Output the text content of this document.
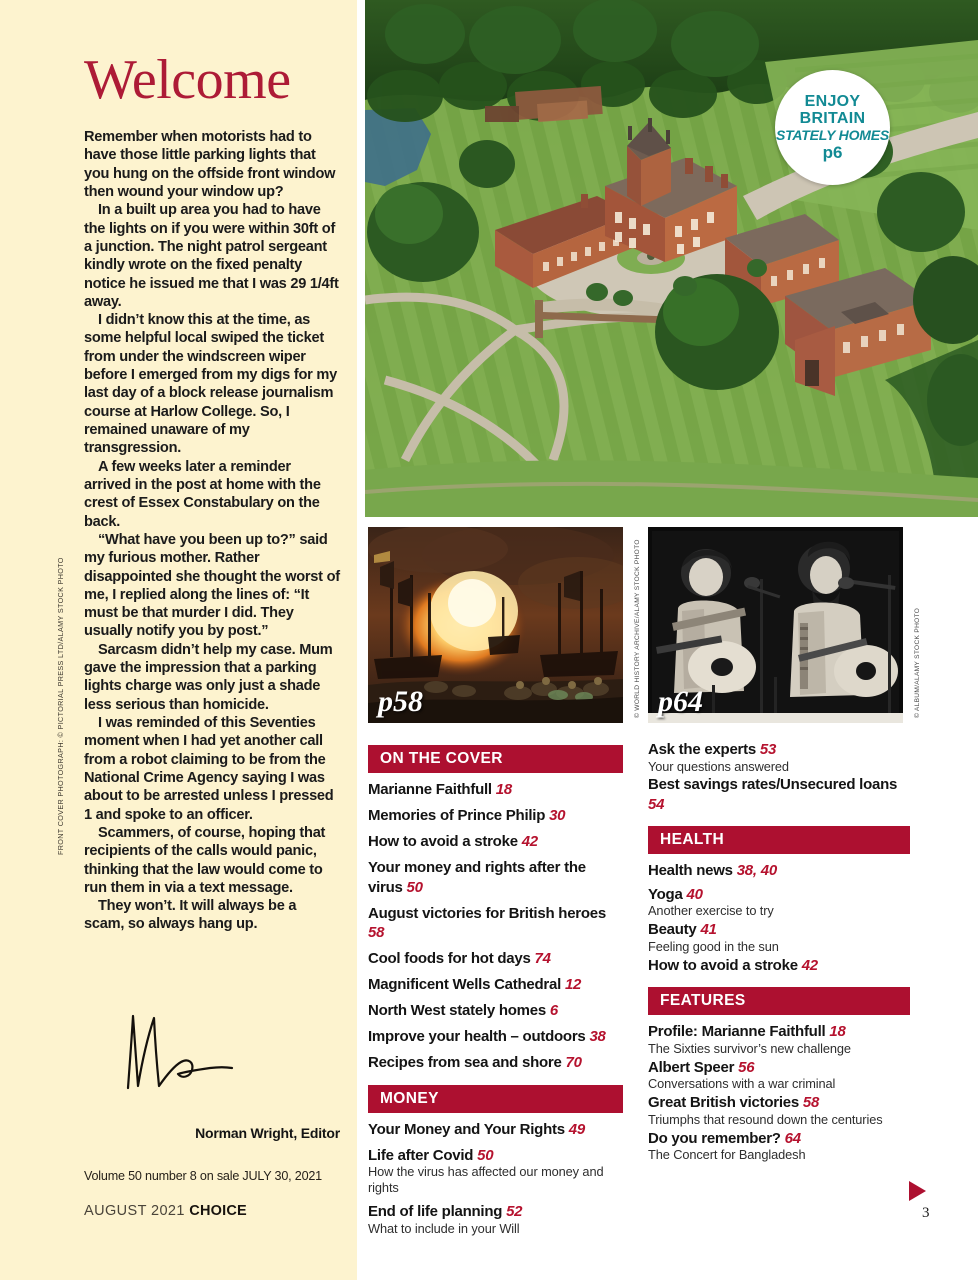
Welcome

Remember when motorists had to have those little parking lights that you hung on the offside front window then wound your window up?

In a built up area you had to have the lights on if you were within 30ft of a junction. The night patrol sergeant kindly wrote on the fixed penalty notice he issued me that I was 29 1/4ft away.

I didn’t know this at the time, as some helpful local swiped the ticket from under the windscreen wiper before I emerged from my digs for my last day of a block release journalism course at Harlow College. So, I remained unaware of my transgression.

A few weeks later a reminder arrived in the post at home with the crest of Essex Constabulary on the back.

“What have you been up to?” said my furious mother. Rather disappointed she thought the worst of me, I replied along the lines of: “It must be that murder I did. They usually notify you by post.”

Sarcasm didn’t help my case. Mum gave the impression that a parking lights charge was only just a shade less serious than homicide.

I was reminded of this Seventies moment when I had yet another call from a robot claiming to be from the National Crime Agency saying I was about to be arrested unless I pressed 1 and spoke to an officer.

Scammers, of course, hoping that recipients of the calls would panic, thinking that the law would come to run them in via a text message.

They won’t. It will always be a scam, so always hang up.

Norman Wright, Editor
Volume 50 number 8 on sale JULY 30, 2021
AUGUST 2021 CHOICE
FRONT COVER PHOTOGRAPH: © PICTORIAL PRESS LTD/ALAMY STOCK PHOTO
ENJOY
BRITAIN
STATELY HOMES
p6
p58	© WORLD HISTORY ARCHIVE/ALAMY STOCK PHOTO p64	© ALBUM/ALAMY STOCK PHOTO
ON THE COVER
Marianne Faithfull 18
Memories of Prince Philip 30
How to avoid a stroke 42
Your money and rights after the virus 50
August victories for British heroes 58
Cool foods for hot days 74
Magnificent Wells Cathedral 12
North West stately homes 6
Improve your health – outdoors 38
Recipes from sea and shore 70
MONEY
Your Money and Your Rights 49
Life after Covid 50
How the virus has affected our money and rights
End of life planning 52
What to include in your Will
Ask the experts 53
Your questions answered
Best savings rates/Unsecured loans 54
HEALTH
Health news 38, 40
Yoga 40
Another exercise to try
Beauty 41
Feeling good in the sun
How to avoid a stroke 42
FEATURES
Profile: Marianne Faithfull 18
The Sixties survivor’s new challenge
Albert Speer 56
Conversations with a war criminal
Great British victories 58
Triumphs that resound down the centuries
Do you remember? 64
The Concert for Bangladesh
3
